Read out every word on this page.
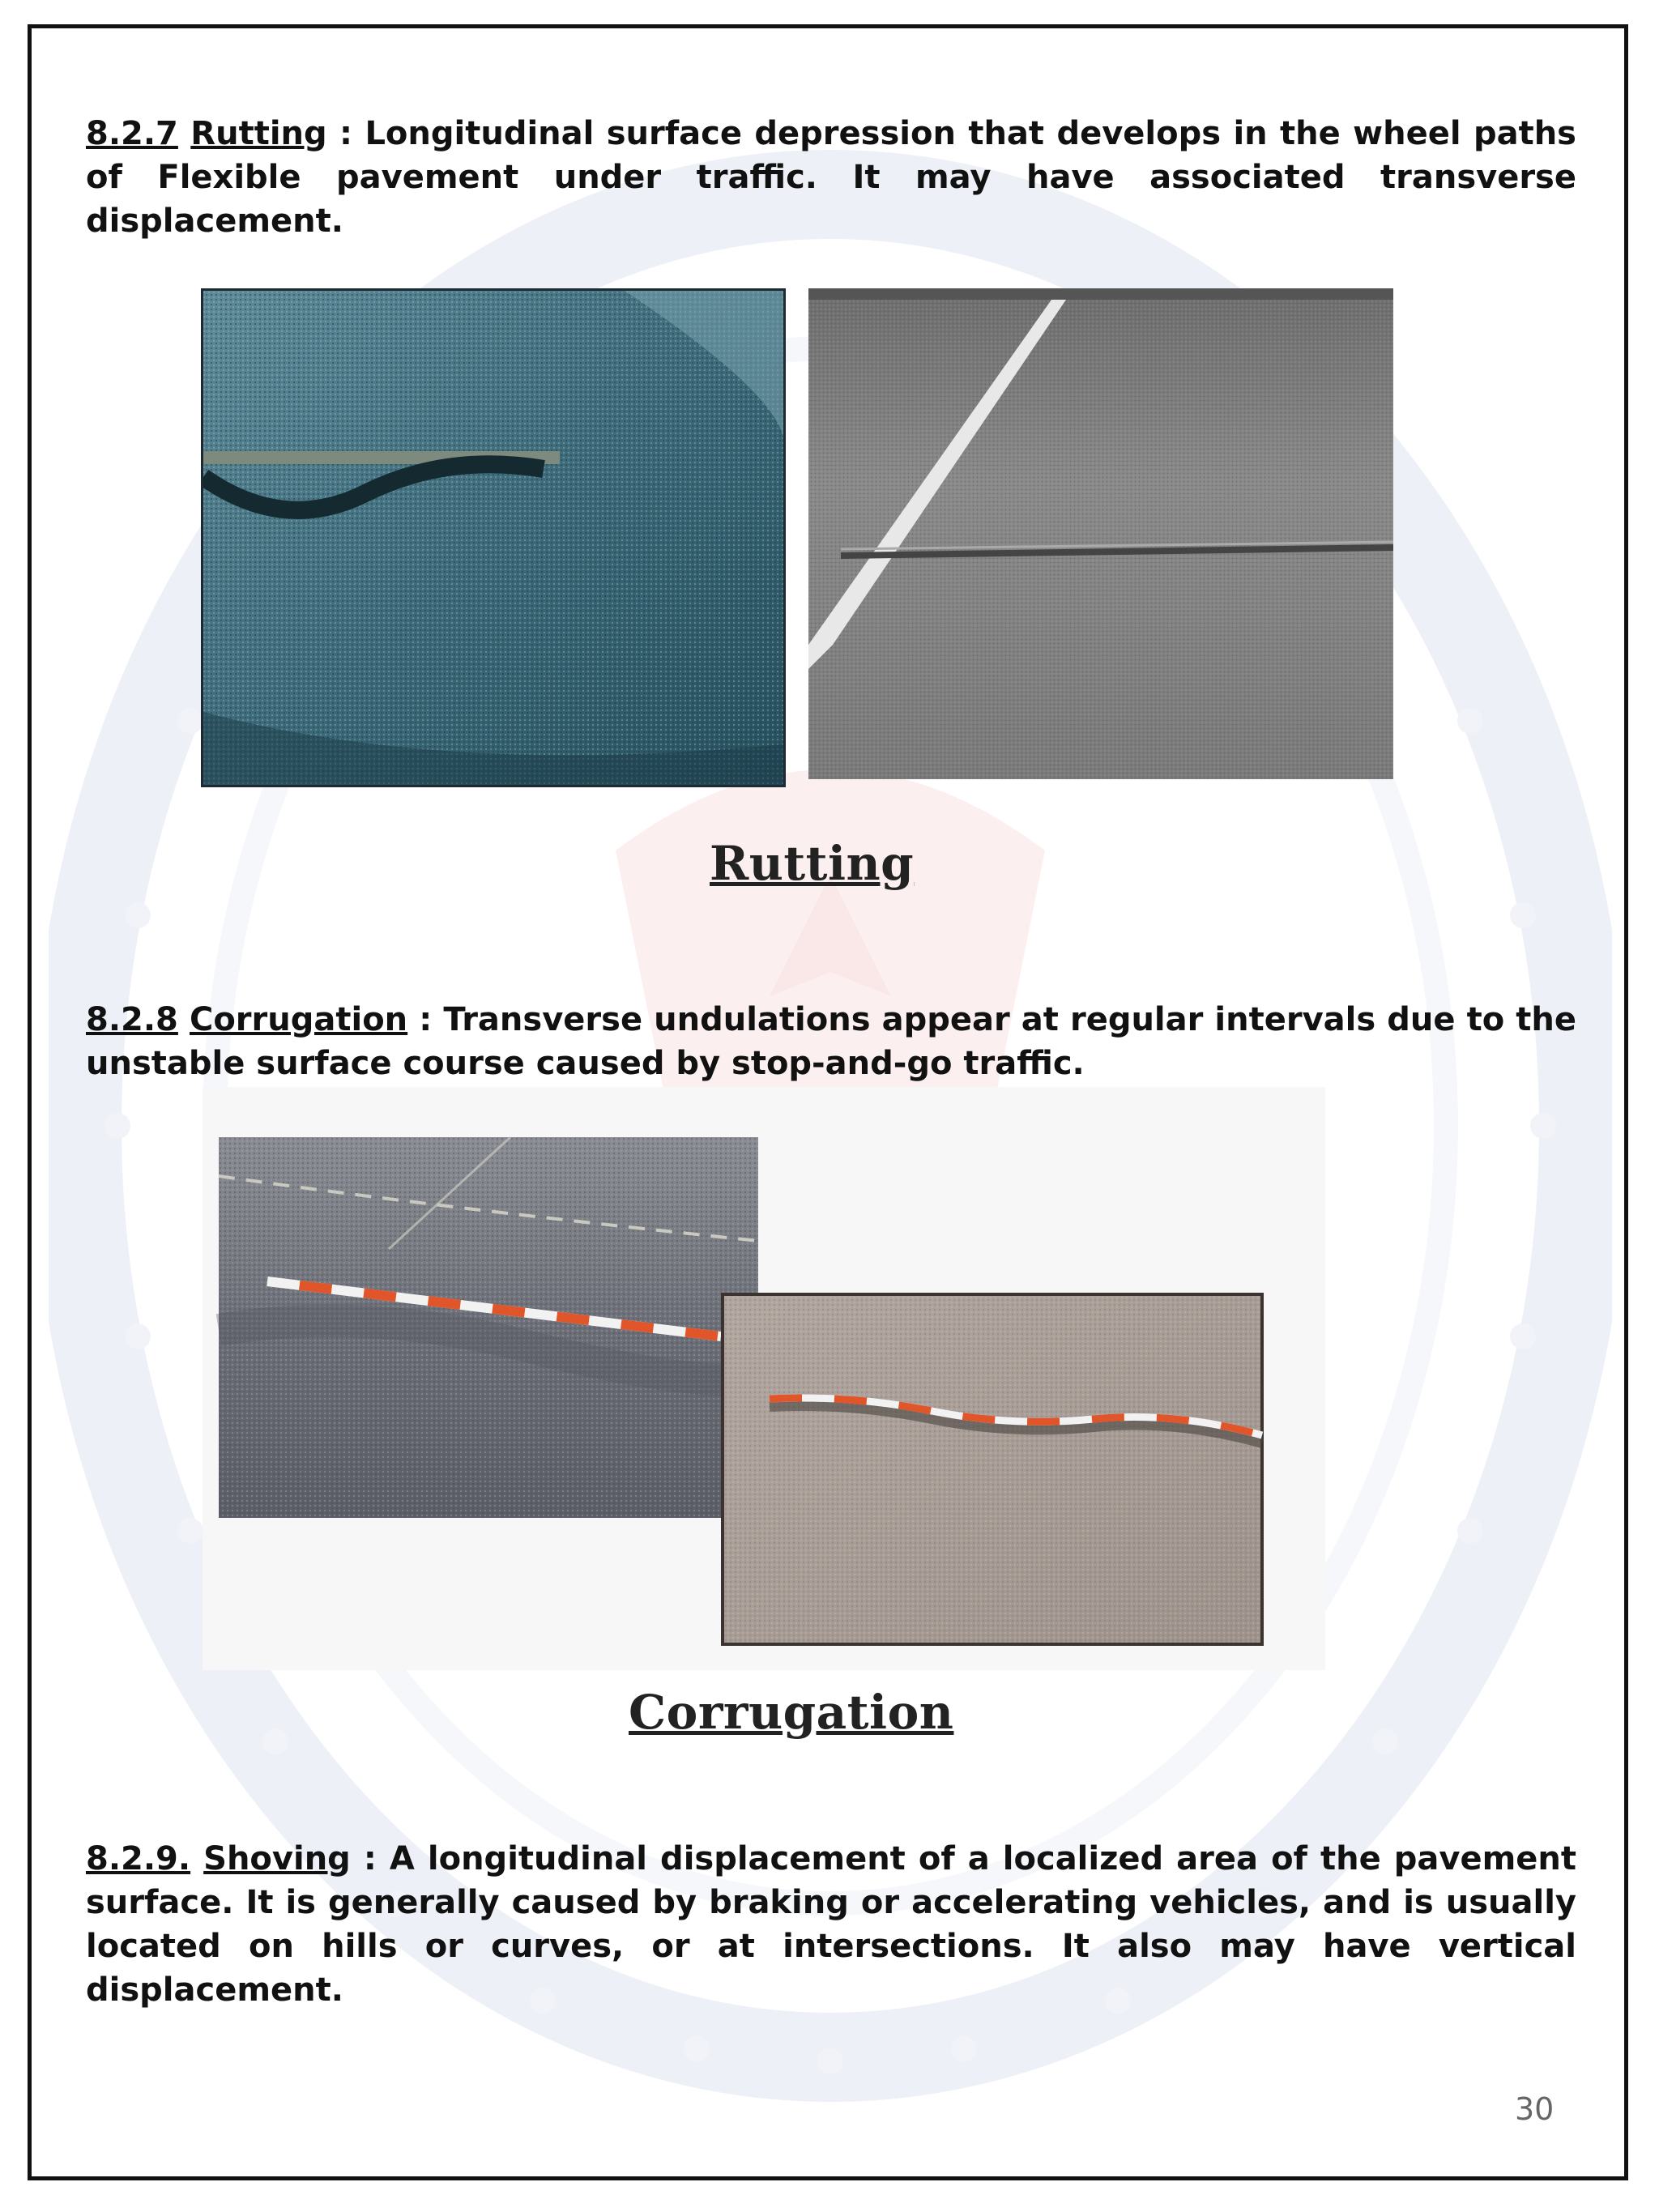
8.2.7 Rutting : Longitudinal surface depression that develops in the wheel paths of Flexible pavement under traffic. It may have associated transverse displacement.
Rutting
8.2.8 Corrugation : Transverse undulations appear at regular intervals due to the unstable surface course caused by stop-and-go traffic.
Corrugation
8.2.9. Shoving : A longitudinal displacement of a localized area of the pavement surface. It is generally caused by braking or accelerating vehicles, and is usually located on hills or curves, or at intersections. It also may have vertical displacement.
30
